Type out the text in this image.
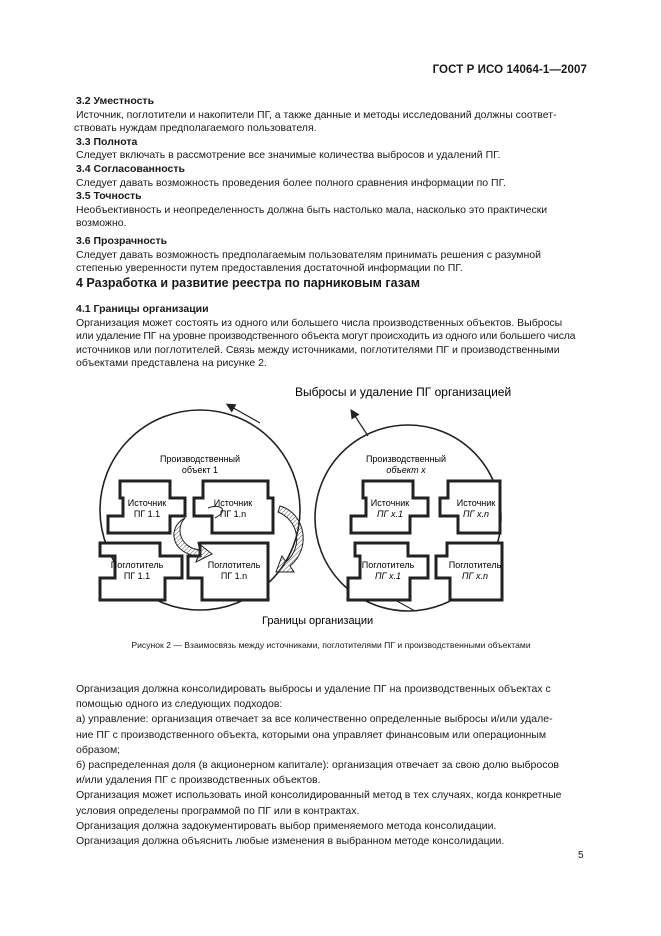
ГОСТ Р ИСО 14064-1—2007
3.2 Уместность
Источник, поглотители и накопители ПГ, а также данные и методы исследований должны соответ-
ствовать нуждам предполагаемого пользователя.
3.3 Полнота
Следует включать в рассмотрение все значимые количества выбросов и удалений ПГ.
3.4 Согласованность
Следует давать возможность проведения более полного сравнения информации по ПГ.
3.5 Точность
Необъективность и неопределенность должна быть настолько мала, насколько это практически
возможно.
3.6 Прозрачность
Следует давать возможность предполагаемым пользователям принимать решения с разумной
степенью уверенности путем предоставления достаточной информации по ПГ.
4 Разработка и развитие реестра по парниковым газам
4.1 Границы организации
Организация может состоять из одного или большего числа производственных объектов. Выбросы
или удаление ПГ на уровне производственного объекта могут происходить из одного или большего числа
источников или поглотителей. Связь между источниками, поглотителями ПГ и производственными
объектами представлена на рисунке 2.
Выбросы и удаление ПГ организацией
Производственный
объект 1
Производственный
объект x
Источник
ПГ 1.1
Источник
ПГ 1.n
Поглотитель
ПГ 1.1
Поглотитель
ПГ 1.n
Источник
ПГ x.1
Источник
ПГ x.n
Поглотитель
ПГ x.1
Поглотитель
ПГ x.n
Границы организации
Рисунок 2 — Взаимосвязь между источниками, поглотителями ПГ и производственными объектами
Организация должна консолидировать выбросы и удаление ПГ на производственных объектах с
помощью одного из следующих подходов:
а) управление: организация отвечает за все количественно определенные выбросы и/или удале-
ние ПГ с производственного объекта, которыми она управляет финансовым или операционным
образом;
б) распределенная доля (в акционерном капитале): организация отвечает за свою долю выбросов
и/или удаления ПГ с производственных объектов.
Организация может использовать иной консолидированный метод в тех случаях, когда конкретные
условия определены программой по ПГ или в контрактах.
Организация должна задокументировать выбор применяемого метода консолидации.
Организация должна объяснить любые изменения в выбранном методе консолидации.
5
